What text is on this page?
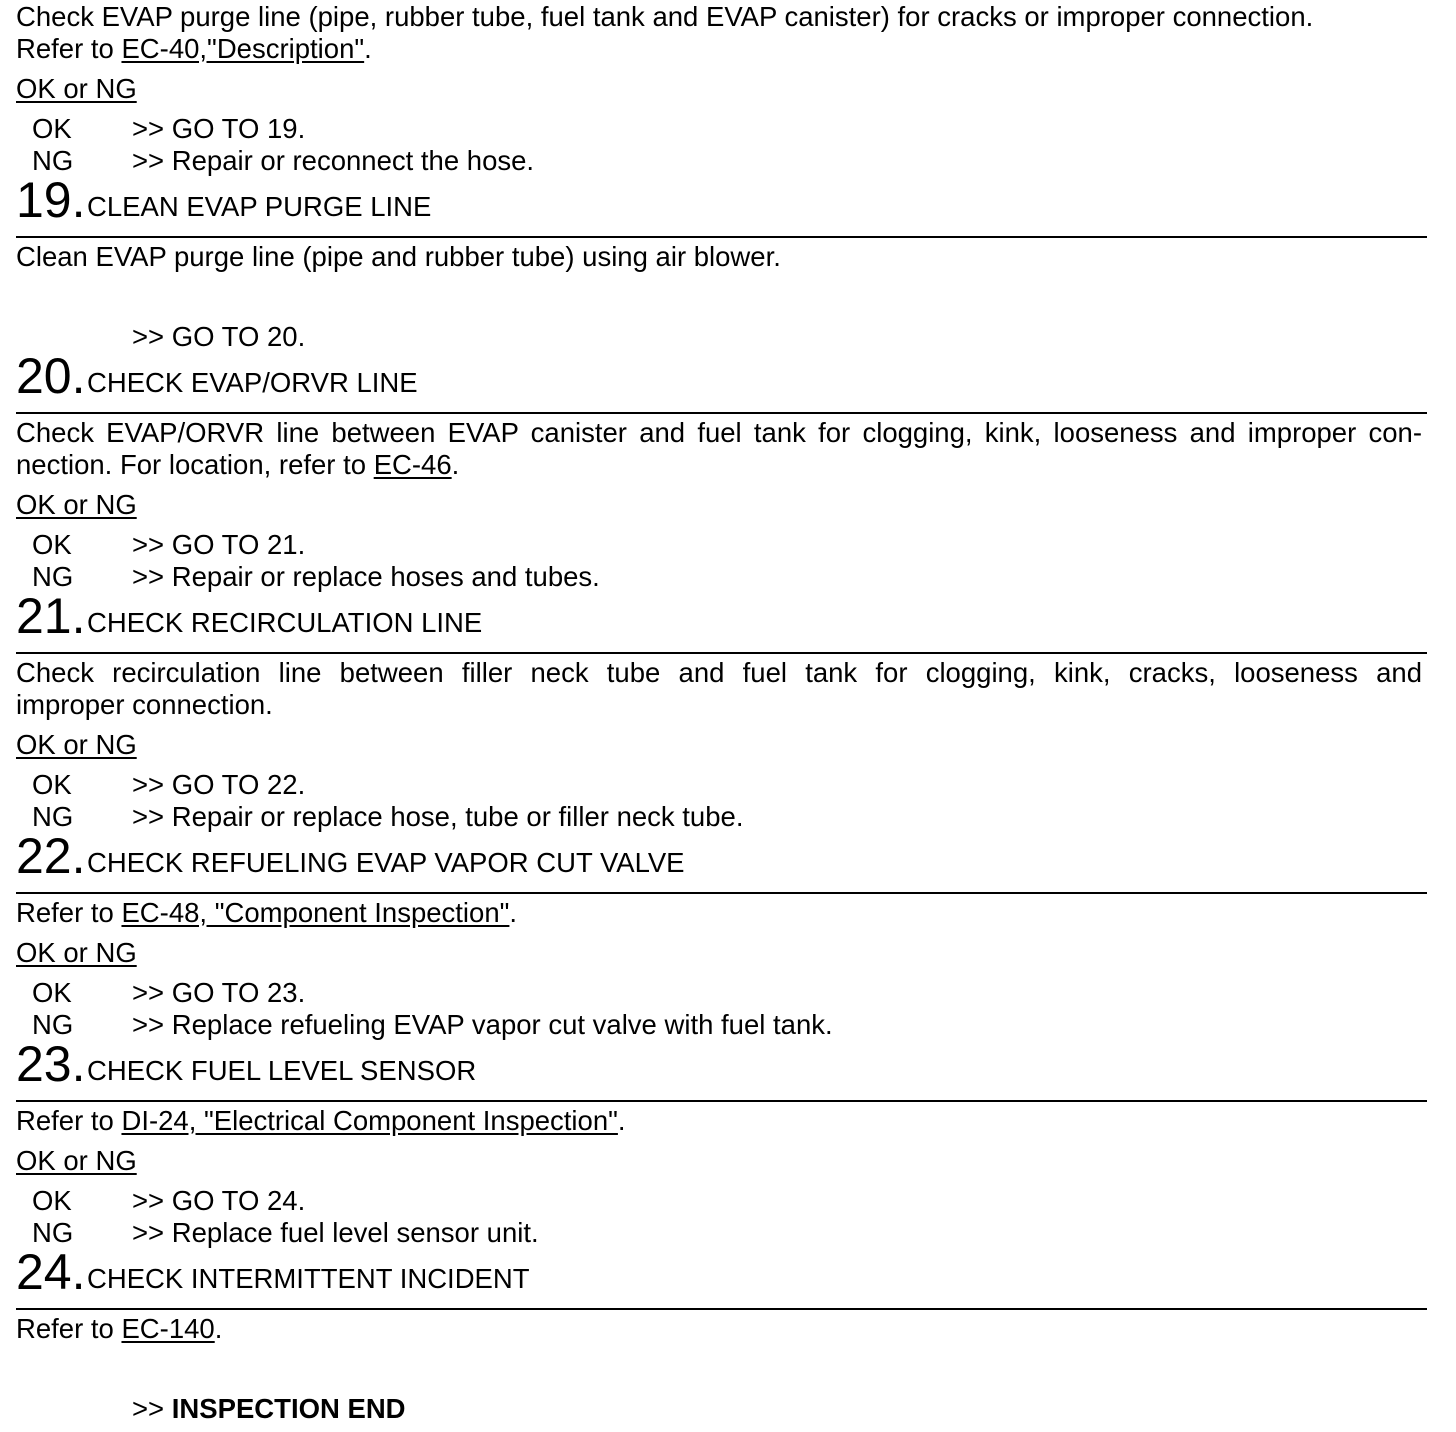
Check EVAP purge line (pipe, rubber tube, fuel tank and EVAP canister) for cracks or improper connection.
Refer to EC-40,"Description".
OK or NG
OK >> GO TO 19.
NG >> Repair or reconnect the hose.
19. CLEAN EVAP PURGE LINE
Clean EVAP purge line (pipe and rubber tube) using air blower.
>> GO TO 20.
20. CHECK EVAP/ORVR LINE
Check EVAP/ORVR line between EVAP canister and fuel tank for clogging, kink, looseness and improper con-
nection. For location, refer to EC-46.
OK or NG
OK >> GO TO 21.
NG >> Repair or replace hoses and tubes.
21. CHECK RECIRCULATION LINE
Check recirculation line between filler neck tube and fuel tank for clogging, kink, cracks, looseness and
improper connection.
OK or NG
OK >> GO TO 22.
NG >> Repair or replace hose, tube or filler neck tube.
22. CHECK REFUELING EVAP VAPOR CUT VALVE
Refer to EC-48, "Component Inspection".
OK or NG
OK >> GO TO 23.
NG >> Replace refueling EVAP vapor cut valve with fuel tank.
23. CHECK FUEL LEVEL SENSOR
Refer to DI-24, "Electrical Component Inspection".
OK or NG
OK >> GO TO 24.
NG >> Replace fuel level sensor unit.
24. CHECK INTERMITTENT INCIDENT
Refer to EC-140.
>> INSPECTION END
